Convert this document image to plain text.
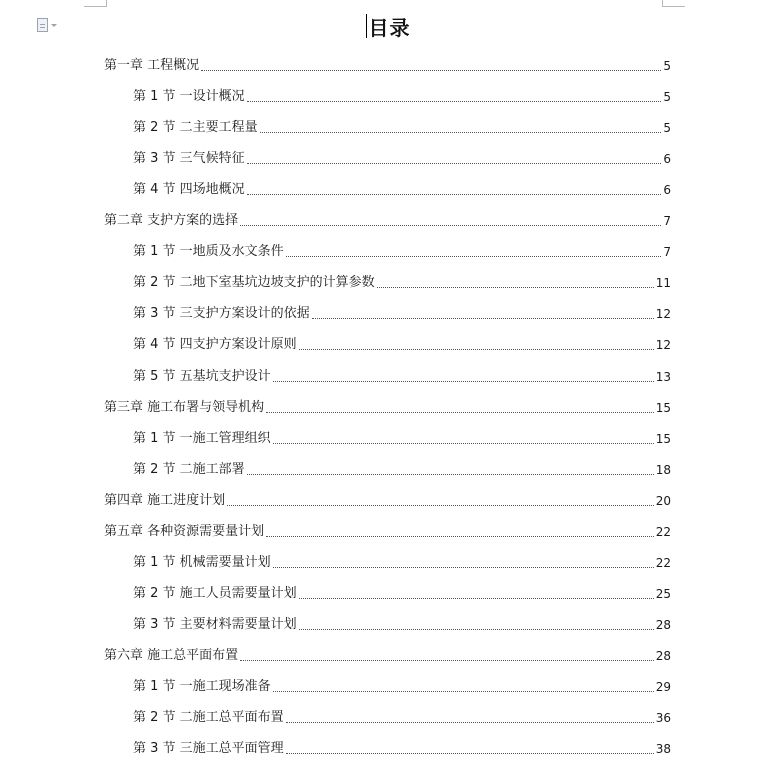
目录
第一章 工程概况	5
第 1 节 一设计概况	5
第 2 节 二主要工程量	5
第 3 节 三气候特征	6
第 4 节 四场地概况	6
第二章 支护方案的选择	7
第 1 节 一地质及水文条件	7
第 2 节 二地下室基坑边坡支护的计算参数	11
第 3 节 三支护方案设计的依据	12
第 4 节 四支护方案设计原则	12
第 5 节 五基坑支护设计	13
第三章 施工布署与领导机构	15
第 1 节 一施工管理组织	15
第 2 节 二施工部署	18
第四章 施工进度计划	20
第五章 各种资源需要量计划	22
第 1 节 机械需要量计划	22
第 2 节 施工人员需要量计划	25
第 3 节 主要材料需要量计划	28
第六章 施工总平面布置	28
第 1 节 一施工现场准备	29
第 2 节 二施工总平面布置	36
第 3 节 三施工总平面管理	38
